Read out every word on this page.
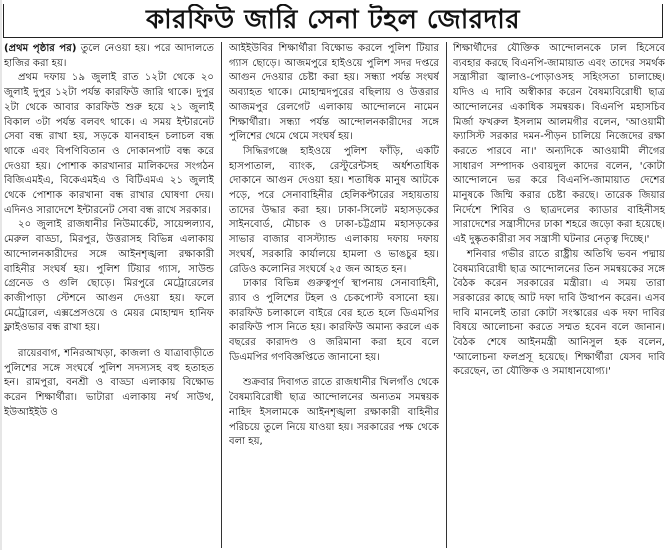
কারফিউ জারি সেনা টহল জোরদার

(প্রথম পৃষ্ঠার পর) তুলে নেওয়া হয়। পরে আদালতে হাজির করা হয়।

প্রথম দফায় ১৯ জুলাই রাত ১২টা থেকে ২০ জুলাই দুপুর ১২টা পর্যন্ত কারফিউ জারি থাকে। দুপুর ২টা থেকে আবার কারফিউ শুরু হয়ে ২১ জুলাই বিকাল ৩টা পর্যন্ত বলবৎ থাকে। এ সময় ইন্টারনেট সেবা বন্ধ রাখা হয়, সড়কে যানবাহন চলাচল বন্ধ থাকে এবং বিপণিবিতান ও দোকানপাট বন্ধ করে দেওয়া হয়। পোশাক কারখানার মালিকদের সংগঠন বিজিএমইএ, বিকেএমইএ ও বিটিএমএ ২১ জুলাই থেকে পোশাক কারখানা বন্ধ রাখার ঘোষণা দেয়। এদিনও সারাদেশে ইন্টারনেট সেবা বন্ধ রাখে সরকার।

২০ জুলাই রাজধানীর নিউমার্কেট, সায়েন্সল্যাব, মেরুল বাড্ডা, মিরপুর, উত্তরাসহ বিভিন্ন এলাকায় আন্দোলনকারীদের সঙ্গে আইনশৃঙ্খলা রক্ষাকারী বাহিনীর সংঘর্ষ হয়। পুলিশ টিয়ার গ্যাস, সাউন্ড গ্রেনেড ও গুলি ছোড়ে। মিরপুরে মেট্রোরেলের কাজীপাড়া স্টেশনে আগুন দেওয়া হয়। ফলে মেট্রোরেল, এক্সপ্রেসওয়ে ও মেয়র মোহাম্মদ হানিফ ফ্লাইওভার বন্ধ রাখা হয়।

রায়েরবাগ, শনিরআখড়া, কাজলা ও যাত্রাবাড়ীতে পুলিশের সঙ্গে সংঘর্ষে পুলিশ সদস্যসহ বহু হতাহত হন। রামপুরা, বনশ্রী ও বাড্ডা এলাকায় বিক্ষোভ করেন শিক্ষার্থীরা। ভাটারা এলাকায় নর্থ সাউথ, ইউআইইউ ও

আইইউবির শিক্ষার্থীরা বিক্ষোভ করলে পুলিশ টিয়ার গ্যাস ছোড়ে। আজমপুরে হাইওয়ে পুলিশ সদর দপ্তরে আগুন দেওয়ার চেষ্টা করা হয়। সন্ধ্যা পর্যন্ত সংঘর্ষ অব্যাহত থাকে। মোহাম্মদপুরের বছিলায় ও উত্তরার আজমপুর রেলগেট এলাকায় আন্দোলনে নামেন শিক্ষার্থীরা। সন্ধ্যা পর্যন্ত আন্দোলনকারীদের সঙ্গে পুলিশের থেমে থেমে সংঘর্ষ হয়।

সিদ্ধিরগঞ্জে হাইওয়ে পুলিশ ফাঁড়ি, একটি হাসপাতাল, ব্যাংক, রেস্টুরেন্টসহ অর্ধশতাধিক দোকানে আগুন দেওয়া হয়। শতাধিক মানুষ আটকে পড়ে, পরে সেনাবাহিনীর হেলিকপ্টারের সহায়তায় তাদের উদ্ধার করা হয়। ঢাকা-সিলেট মহাসড়কের সাইনবোর্ড, মৌচাক ও ঢাকা-চট্টগ্রাম মহাসড়কের সাভার বাজার বাসস্ট্যান্ড এলাকায় দফায় দফায় সংঘর্ষ, সরকারি কার্যালয়ে হামলা ও ভাঙচুর হয়। রেডিও কলোনির সংঘর্ষে ২৫ জন আহত হন।

ঢাকার বিভিন্ন গুরুত্বপূর্ণ স্থাপনায় সেনাবাহিনী, র‍্যাব ও পুলিশের টহল ও চেকপোস্ট বসানো হয়। কারফিউ চলাকালে বাইরে বের হতে হলে ডিএমপির কারফিউ পাস নিতে হয়। কারফিউ অমান্য করলে এক বছরের কারাদণ্ড ও জরিমানা করা হবে বলে ডিএমপির গণবিজ্ঞপ্তিতে জানানো হয়।

শুক্রবার দিবাগত রাতে রাজধানীর খিলগাঁও থেকে বৈষম্যবিরোধী ছাত্র আন্দোলনের অন্যতম সমন্বয়ক নাহিদ ইসলামকে আইনশৃঙ্খলা রক্ষাকারী বাহিনীর পরিচয়ে তুলে নিয়ে যাওয়া হয়। সরকারের পক্ষ থেকে বলা হয়,

শিক্ষার্থীদের যৌক্তিক আন্দোলনকে ঢাল হিসেবে ব্যবহার করছে বিএনপি-জামায়াত এবং তাদের সমর্থক সন্ত্রাসীরা জ্বালাও-পোড়াওসহ সহিংসতা চালাচ্ছে। যদিও এ দাবি অস্বীকার করেন বৈষম্যবিরোধী ছাত্র আন্দোলনের একাধিক সমন্বয়ক। বিএনপি মহাসচিব মির্জা ফখরুল ইসলাম আলমগীর বলেন, 'আওয়ামী ফ্যাসিস্ট সরকার দমন-পীড়ন চালিয়ে নিজেদের রক্ষা করতে পারবে না।' অন্যদিকে আওয়ামী লীগের সাধারণ সম্পাদক ওবায়দুল কাদের বলেন, 'কোটা আন্দোলনে ভর করে বিএনপি-জামায়াত দেশের মানুষকে জিম্মি করার চেষ্টা করছে। তারেক জিয়ার নির্দেশে শিবির ও ছাত্রদলের ক্যাডার বাহিনীসহ সারাদেশের সন্ত্রাসীদের ঢাকা শহরে জড়ো করা হয়েছে। এই দুষ্কৃতকারীরা সব সন্ত্রাসী ঘটনার নেতৃত্ব দিচ্ছে।'

শনিবার গভীর রাতে রাষ্ট্রীয় অতিথি ভবন পদ্মায় বৈষম্যবিরোধী ছাত্র আন্দোলনের তিন সমন্বয়কের সঙ্গে বৈঠক করেন সরকারের মন্ত্রীরা। এ সময় তারা সরকারের কাছে আট দফা দাবি উত্থাপন করেন। এসব দাবি মানলেই তারা কোটা সংস্কারের এক দফা দাবির বিষয়ে আলোচনা করতে সম্মত হবেন বলে জানান। বৈঠক শেষে আইনমন্ত্রী আনিসুল হক বলেন, 'আলোচনা ফলপ্রসূ হয়েছে। শিক্ষার্থীরা যেসব দাবি করেছেন, তা যৌক্তিক ও সমাধানযোগ্য।'
